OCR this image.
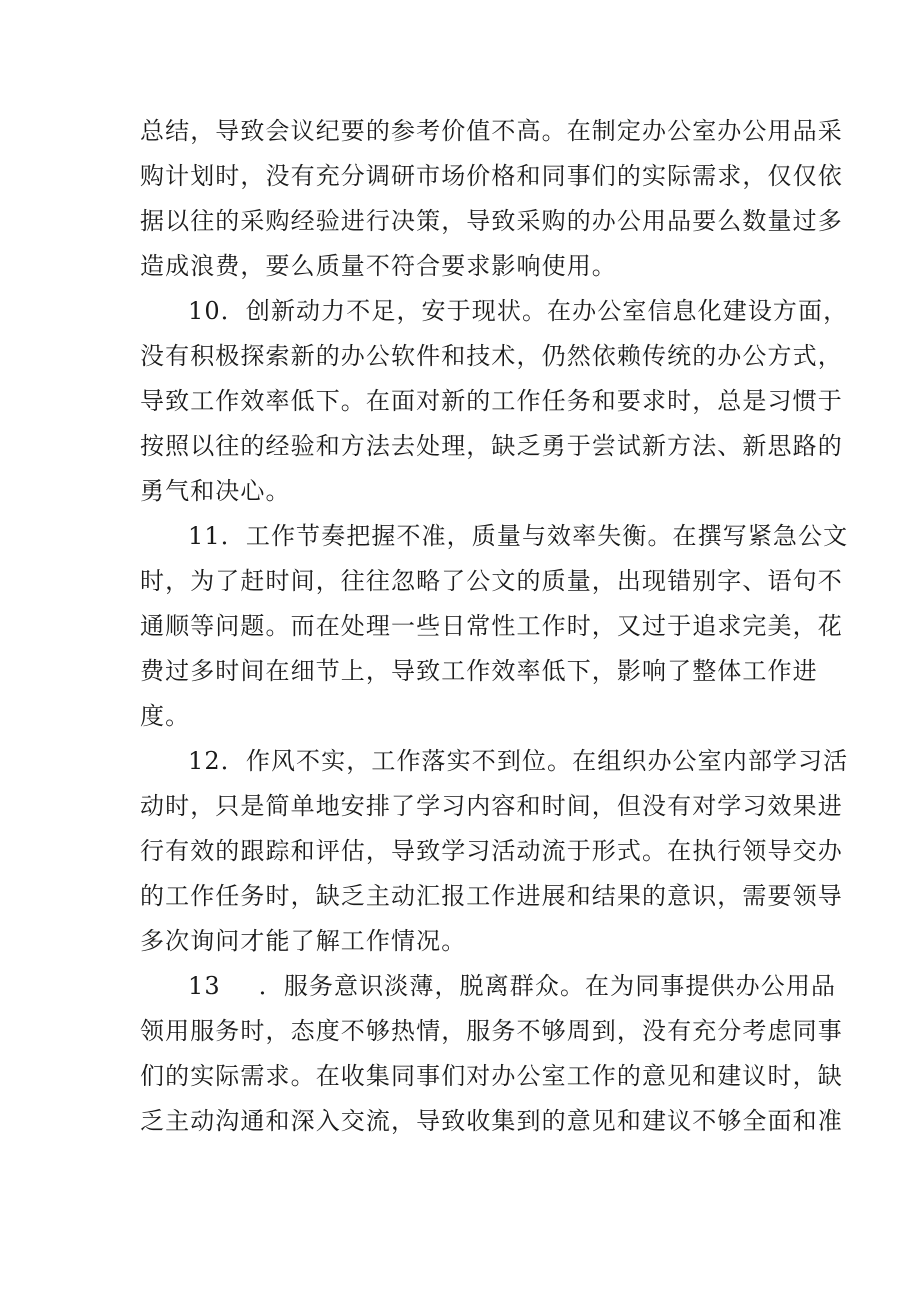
总结，导致会议纪要的参考价值不高。在制定办公室办公用品采
购计划时，没有充分调研市场价格和同事们的实际需求，仅仅依
据以往的采购经验进行决策，导致采购的办公用品要么数量过多
造成浪费，要么质量不符合要求影响使用。
10．创新动力不足，安于现状。在办公室信息化建设方面，
没有积极探索新的办公软件和技术，仍然依赖传统的办公方式，
导致工作效率低下。在面对新的工作任务和要求时，总是习惯于
按照以往的经验和方法去处理，缺乏勇于尝试新方法、新思路的
勇气和决心。
11．工作节奏把握不准，质量与效率失衡。在撰写紧急公文
时，为了赶时间，往往忽略了公文的质量，出现错别字、语句不
通顺等问题。而在处理一些日常性工作时，又过于追求完美，花
费过多时间在细节上，导致工作效率低下，影响了整体工作进
度。
12．作风不实，工作落实不到位。在组织办公室内部学习活
动时，只是简单地安排了学习内容和时间，但没有对学习效果进
行有效的跟踪和评估，导致学习活动流于形式。在执行领导交办
的工作任务时，缺乏主动汇报工作进展和结果的意识，需要领导
多次询问才能了解工作情况。
13 ．服务意识淡薄，脱离群众。在为同事提供办公用品
领用服务时，态度不够热情，服务不够周到，没有充分考虑同事
们的实际需求。在收集同事们对办公室工作的意见和建议时，缺
乏主动沟通和深入交流，导致收集到的意见和建议不够全面和准
